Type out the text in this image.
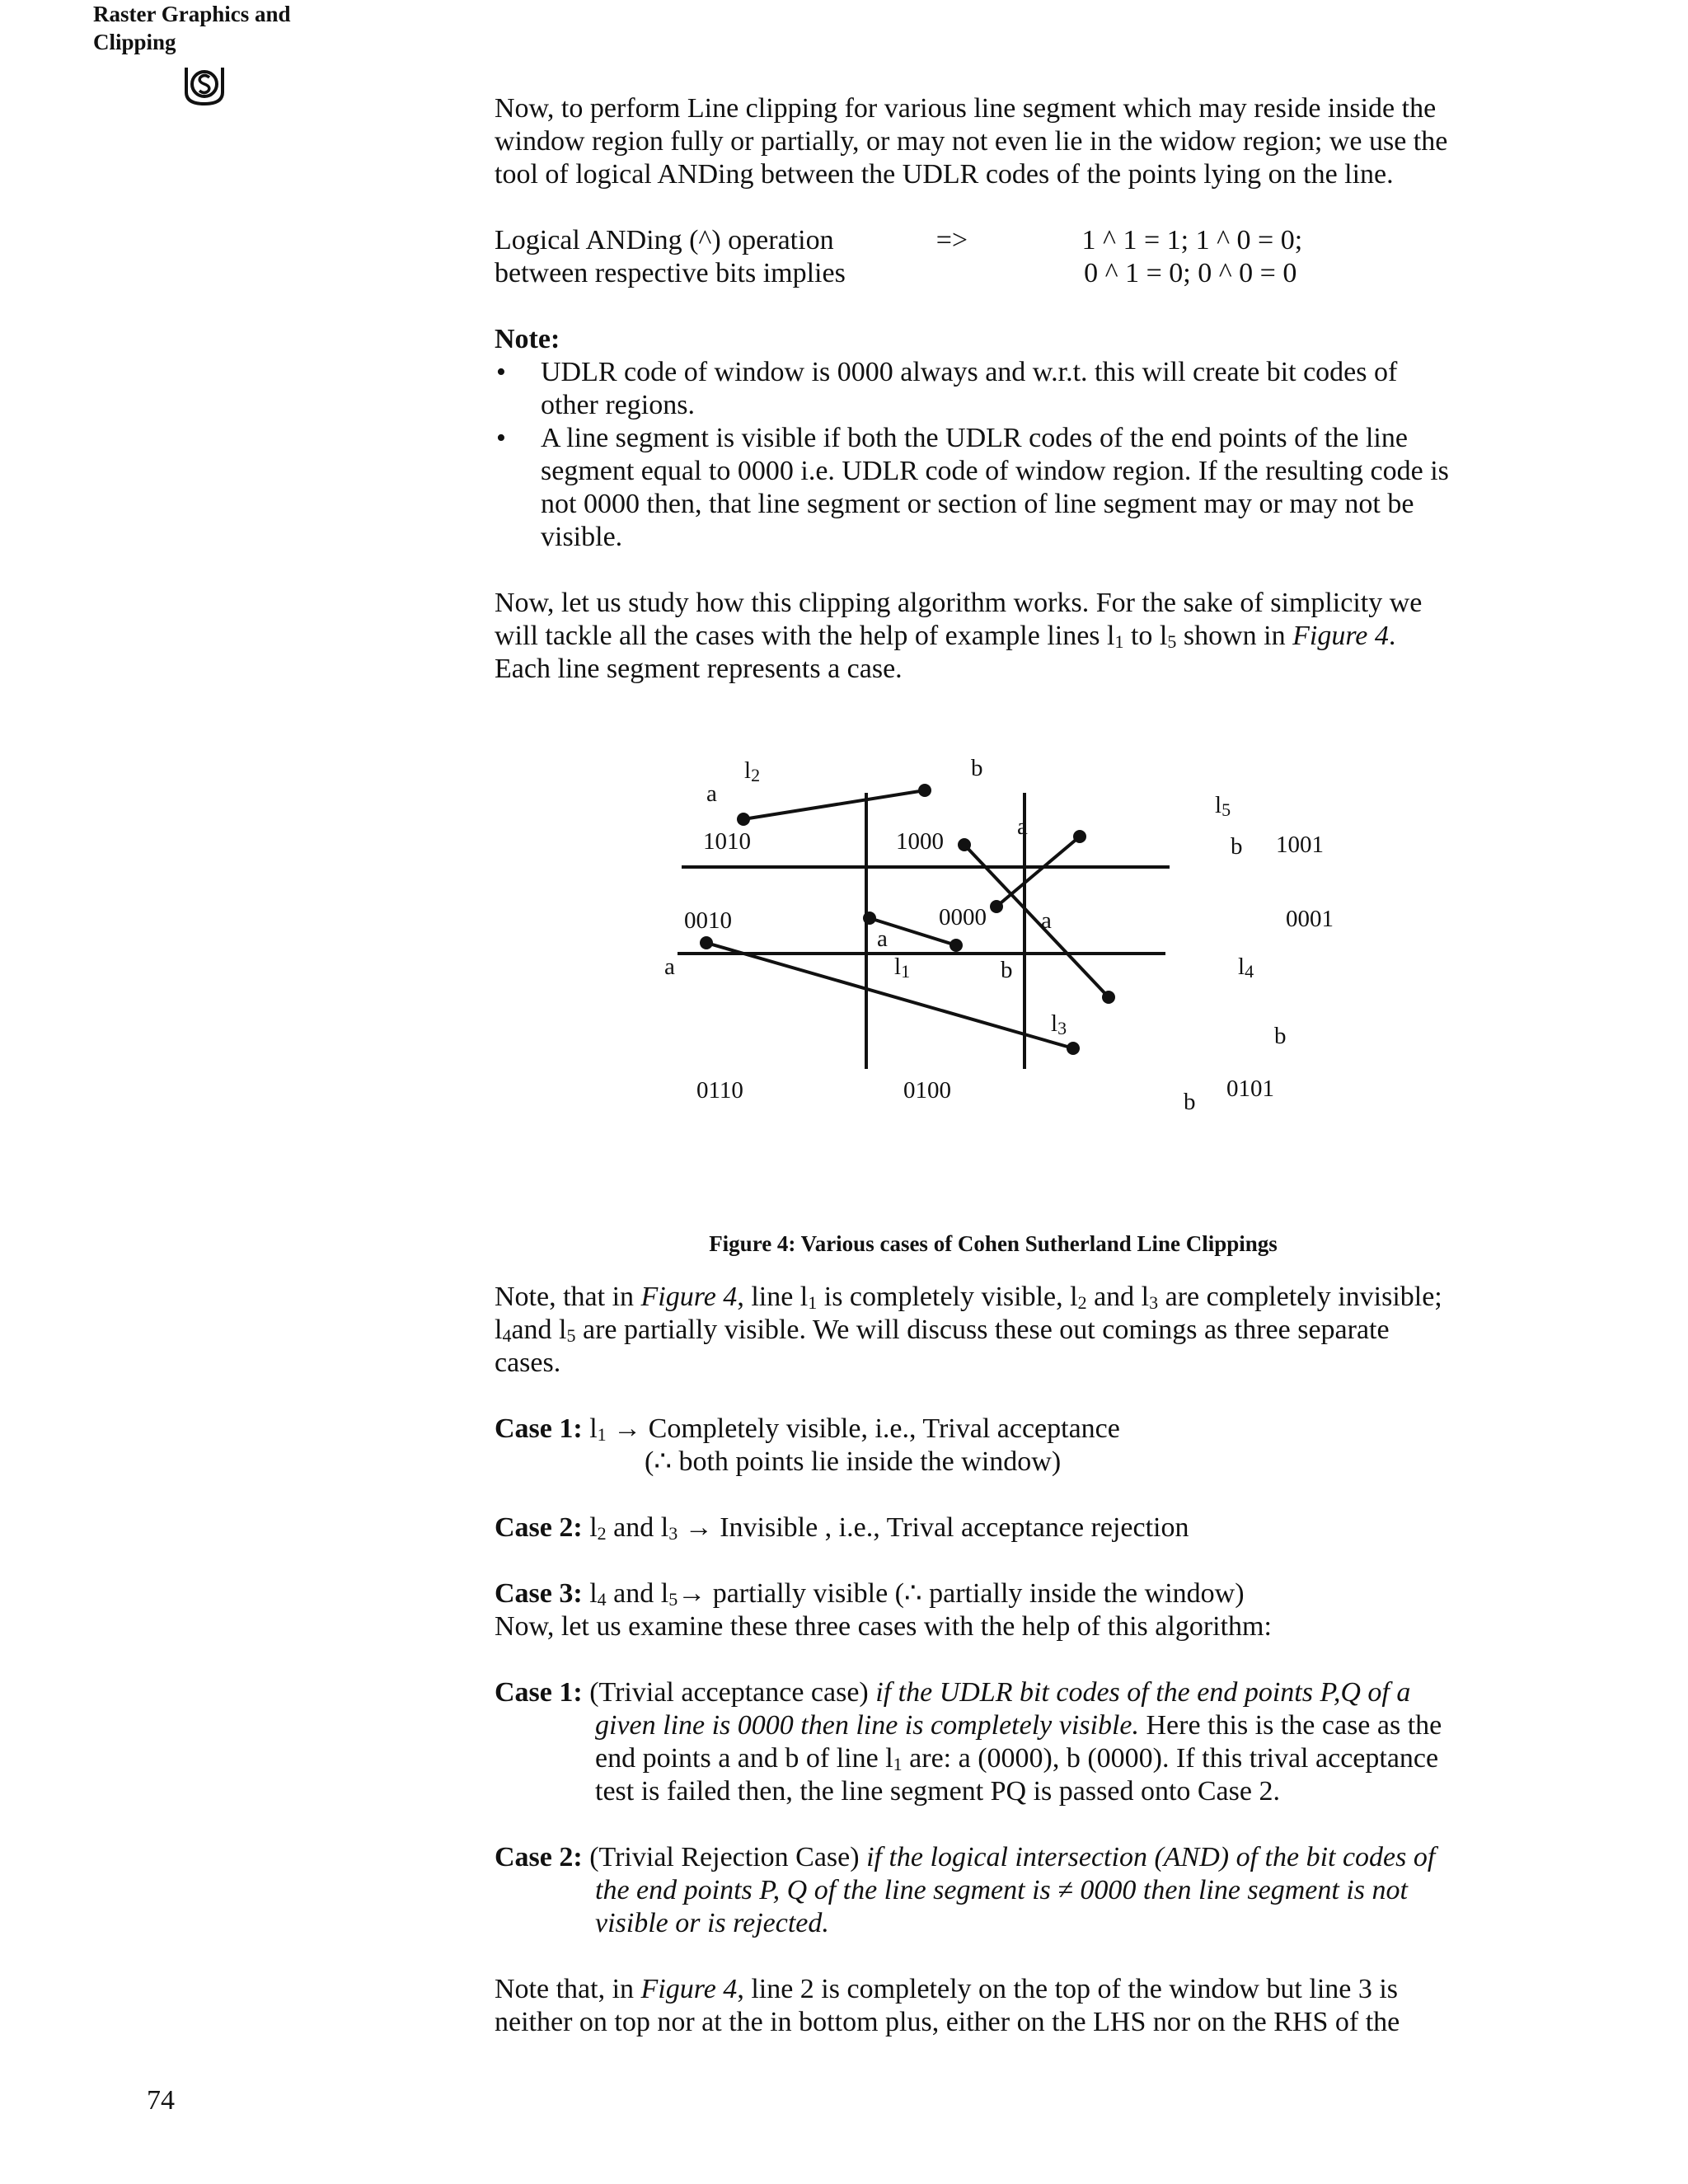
Raster Graphics and
Clipping

Now, to perform Line clipping for various line segment which may reside inside the

window region fully or partially, or may not even lie in the widow region; we use the

tool of logical ANDing between the UDLR codes of the points lying on the line.

Logical ANDing (^) operation	=>	1 ^ 1 = 1; 1 ^ 0 = 0;
between respective bits implies	0 ^ 1 = 0; 0 ^ 0 = 0

Note:

• UDLR code of window is 0000 always and w.r.t. this will create bit codes of
other regions.
• A line segment is visible if both the UDLR codes of the end points of the line
segment equal to 0000 i.e. UDLR code of window region. If the resulting code is
not 0000 then, that line segment or section of line segment may or may not be
visible.

Now, let us study how this clipping algorithm works. For the sake of simplicity we

will tackle all the cases with the help of example lines $l_1$ to $l_5$ shown in Figure 4.

Each line segment represents a case.

1010	1000	1001
0010	0000	0001
0110	0100	0101
a
b
a
b
a
a
b
a
b
b
$l_2$
$l_5$
$l_1$	$l_4$
$l_3$

Figure 4: Various cases of Cohen Sutherland Line Clippings

Note, that in Figure 4, line $l_1$ is completely visible, $l_2$ and $l_3$ are completely invisible;

$l_4and$ $l_5$ are partially visible. We will discuss these out comings as three separate

cases.

Case 1: $l_1$ → Completely visible, i.e., Trival acceptance

(∴ both points lie inside the window)

Case 2: $l_2$ and $l_3$ → Invisible , i.e., Trival acceptance rejection

Case 3: $l_4$ and $l_5\to$ partially visible (∴ partially inside the window)

Now, let us examine these three cases with the help of this algorithm:

Case 1: (Trivial acceptance case) if the UDLR bit codes of the end points P,Q of a

given line is 0000 then line is completely visible. Here this is the case as the

end points a and b of line $l_1$ are: a (0000), b (0000). If this trival acceptance

test is failed then, the line segment PQ is passed onto Case 2.

Case 2: (Trivial Rejection Case) if the logical intersection (AND) of the bit codes of

the end points P, Q of the line segment is ≠ 0000 then line segment is not

visible or is rejected.

Note that, in Figure 4, line 2 is completely on the top of the window but line 3 is

neither on top nor at the in bottom plus, either on the LHS nor on the RHS of the

74
